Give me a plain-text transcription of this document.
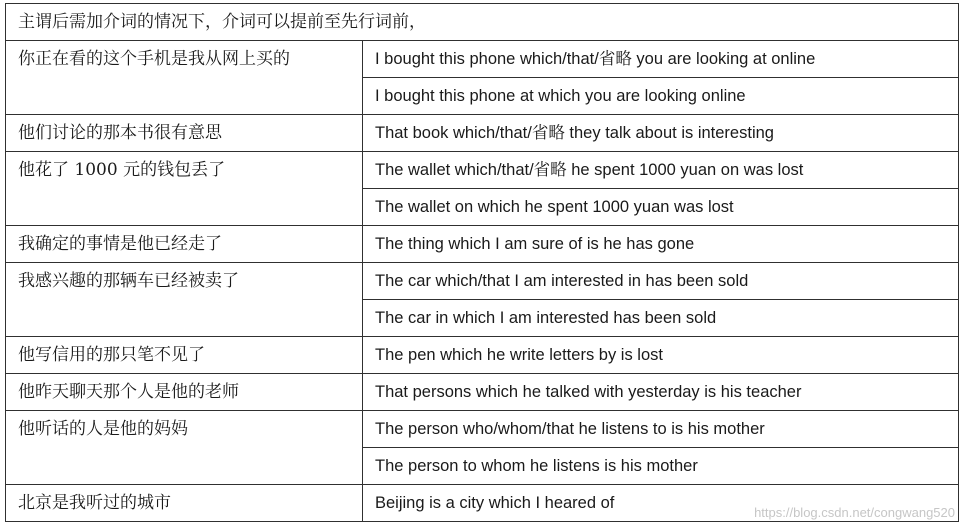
主谓后需加介词的情况下，介词可以提前至先行词前，	
你正在看的这个手机是我从网上买的	I bought this phone which/that/省略 you are looking at online
	I bought this phone at which you are looking online
他们讨论的那本书很有意思	That book which/that/省略 they talk about is interesting
他花了 1000 元的钱包丢了	The wallet which/that/省略 he spent 1000 yuan on was lost
	The wallet on which he spent 1000 yuan was lost
我确定的事情是他已经走了	The thing which I am sure of is he has gone
我感兴趣的那辆车已经被卖了	The car which/that I am interested in has been sold
	The car in which I am interested has been sold
他写信用的那只笔不见了	The pen which he write letters by is lost
他昨天聊天那个人是他的老师	That persons which he talked with yesterday is his teacher
他听话的人是他的妈妈	The person who/whom/that he listens to is his mother
	The person to whom he listens is his mother
北京是我听过的城市	Beijing is a city which I heared of
https://blog.csdn.net/congwang520
